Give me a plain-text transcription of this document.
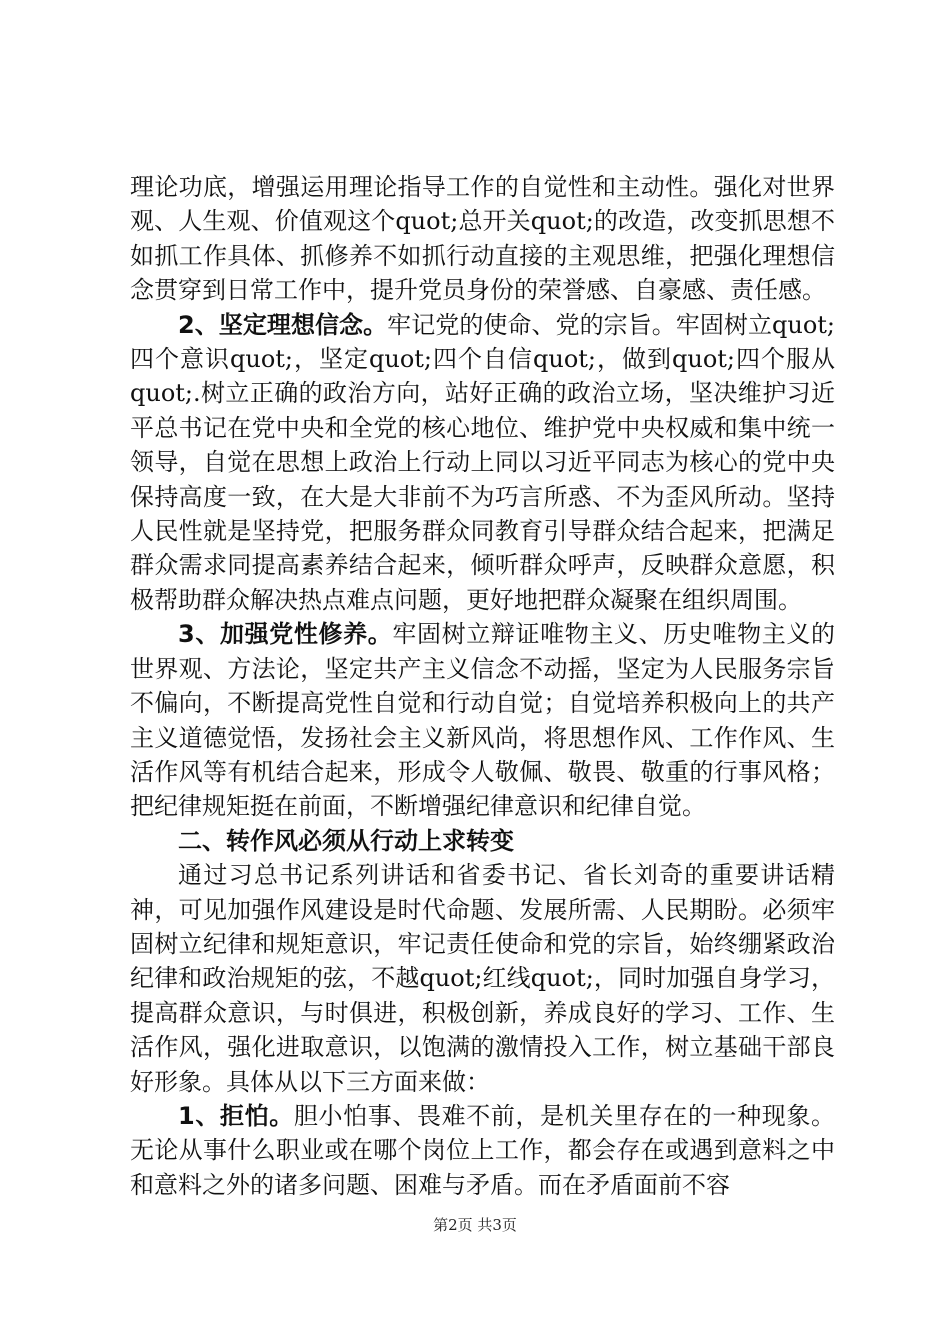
理论功底，增强运用理论指导工作的自觉性和主动性。强化对世界观、人生观、价值观这个quot;总开关quot;的改造，改变抓思想不如抓工作具体、抓修养不如抓行动直接的主观思维，把强化理想信念贯穿到日常工作中，提升党员身份的荣誉感、自豪感、责任感。

2、坚定理想信念。牢记党的使命、党的宗旨。牢固树立quot;四个意识quot;，坚定quot;四个自信quot;，做到quot;四个服从quot;.树立正确的政治方向，站好正确的政治立场，坚决维护习近平总书记在党中央和全党的核心地位、维护党中央权威和集中统一领导，自觉在思想上政治上行动上同以习近平同志为核心的党中央保持高度一致，在大是大非前不为巧言所惑、不为歪风所动。坚持人民性就是坚持党，把服务群众同教育引导群众结合起来，把满足群众需求同提高素养结合起来，倾听群众呼声，反映群众意愿，积极帮助群众解决热点难点问题，更好地把群众凝聚在组织周围。

3、加强党性修养。牢固树立辩证唯物主义、历史唯物主义的世界观、方法论，坚定共产主义信念不动摇，坚定为人民服务宗旨不偏向，不断提高党性自觉和行动自觉；自觉培养积极向上的共产主义道德觉悟，发扬社会主义新风尚，将思想作风、工作作风、生活作风等有机结合起来，形成令人敬佩、敬畏、敬重的行事风格；把纪律规矩挺在前面，不断增强纪律意识和纪律自觉。

二、转作风必须从行动上求转变

通过习总书记系列讲话和省委书记、省长刘奇的重要讲话精神，可见加强作风建设是时代命题、发展所需、人民期盼。必须牢固树立纪律和规矩意识，牢记责任使命和党的宗旨，始终绷紧政治纪律和政治规矩的弦，不越quot;红线quot;，同时加强自身学习，提高群众意识，与时俱进，积极创新，养成良好的学习、工作、生活作风，强化进取意识，以饱满的激情投入工作，树立基础干部良好形象。具体从以下三方面来做：

1、拒怕。胆小怕事、畏难不前，是机关里存在的一种现象。无论从事什么职业或在哪个岗位上工作，都会存在或遇到意料之中和意料之外的诸多问题、困难与矛盾。而在矛盾面前不容

第2页 共3页
